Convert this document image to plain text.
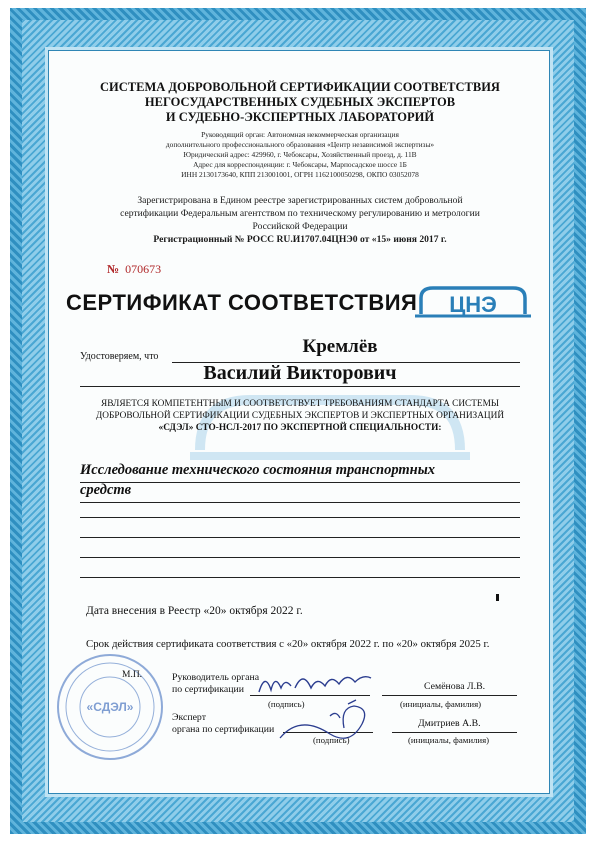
СИСТЕМА ДОБРОВОЛЬНОЙ СЕРТИФИКАЦИИ СООТВЕТСТВИЯ
НЕГОСУДАРСТВЕННЫХ СУДЕБНЫХ ЭКСПЕРТОВ
И СУДЕБНО-ЭКСПЕРТНЫХ ЛАБОРАТОРИЙ
Руководящий орган: Автономная некоммерческая организация
дополнительного профессионального образования «Центр независимой экспертизы»
Юридический адрес: 429960, г. Чебоксары, Хозяйственный проезд, д. 11В
Адрес для корреспонденции: г. Чебоксары, Марпосадское шоссе 1Б
ИНН 2130173640, КПП 213001001, ОГРН 1162100050298, ОКПО 03052078
Зарегистрирована в Едином реестре зарегистрированных систем добровольной
сертификации Федеральным агентством по техническому регулированию и метрологии
Российской Федерации
Регистрационный № РОСС RU.И1707.04ЦНЭ0 от «15» июня 2017 г.
№ 070673
СЕРТИФИКАТ СООТВЕТСТВИЯ ЦНЭ
Удостоверяем, что	Кремлёв
Василий Викторович
ЯВЛЯЕТСЯ КОМПЕТЕНТНЫМ И СООТВЕТСТВУЕТ ТРЕБОВАНИЯМ СТАНДАРТА СИСТЕМЫ
ДОБРОВОЛЬНОЙ СЕРТИФИКАЦИИ СУДЕБНЫХ ЭКСПЕРТОВ И ЭКСПЕРТНЫХ ОРГАНИЗАЦИЙ
«СДЭЛ» СТО-НСЛ-2017 ПО ЭКСПЕРТНОЙ СПЕЦИАЛЬНОСТИ:
Исследование технического состояния транспортных
средств
Дата внесения в Реестр «20» октября 2022 г.
Срок действия сертификата соответствия с «20» октября 2022 г. по «20» октября 2025 г.
«СДЭЛ»
М.П.	Руководитель органа
по сертификации	Семёнова Л.В.
(подпись)	(инициалы, фамилия)
Эксперт
органа по сертификации
Дмитриев А.В.
(подпись)	(инициалы, фамилия)
